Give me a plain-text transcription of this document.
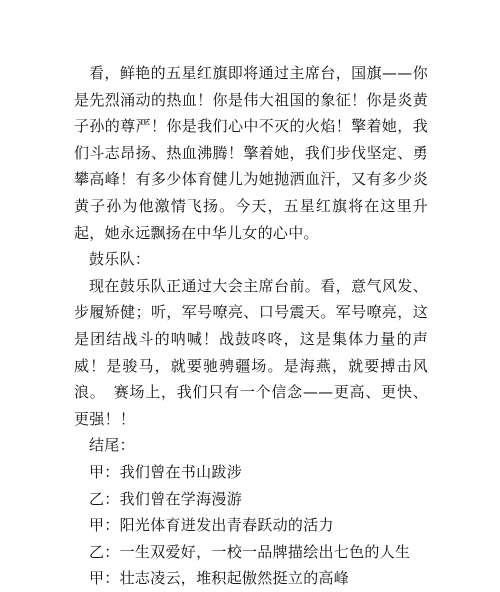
看，鲜艳的五星红旗即将通过主席台，国旗——你是先烈涌动的热血！你是伟大祖国的象征！你是炎黄子孙的尊严！你是我们心中不灭的火焰！擎着她，我们斗志昂扬、热血沸腾！擎着她，我们步伐坚定、勇攀高峰！有多少体育健儿为她抛洒血汗，又有多少炎黄子孙为他激情飞扬。今天，五星红旗将在这里升起，她永远飘扬在中华儿女的心中。

鼓乐队：

现在鼓乐队正通过大会主席台前。看，意气风发、步履矫健；听，军号嘹亮、口号震天。军号嘹亮，这是团结战斗的呐喊！战鼓咚咚，这是集体力量的声威！是骏马，就要驰骋疆场。是海燕，就要搏击风浪。　赛场上，我们只有一个信念——更高、更快、更强！！

结尾：

甲：我们曾在书山跋涉

乙：我们曾在学海漫游

甲：阳光体育迸发出青春跃动的活力

乙：一生双爱好，一校一品牌描绘出七色的人生

甲：壮志凌云，堆积起傲然挺立的高峰
